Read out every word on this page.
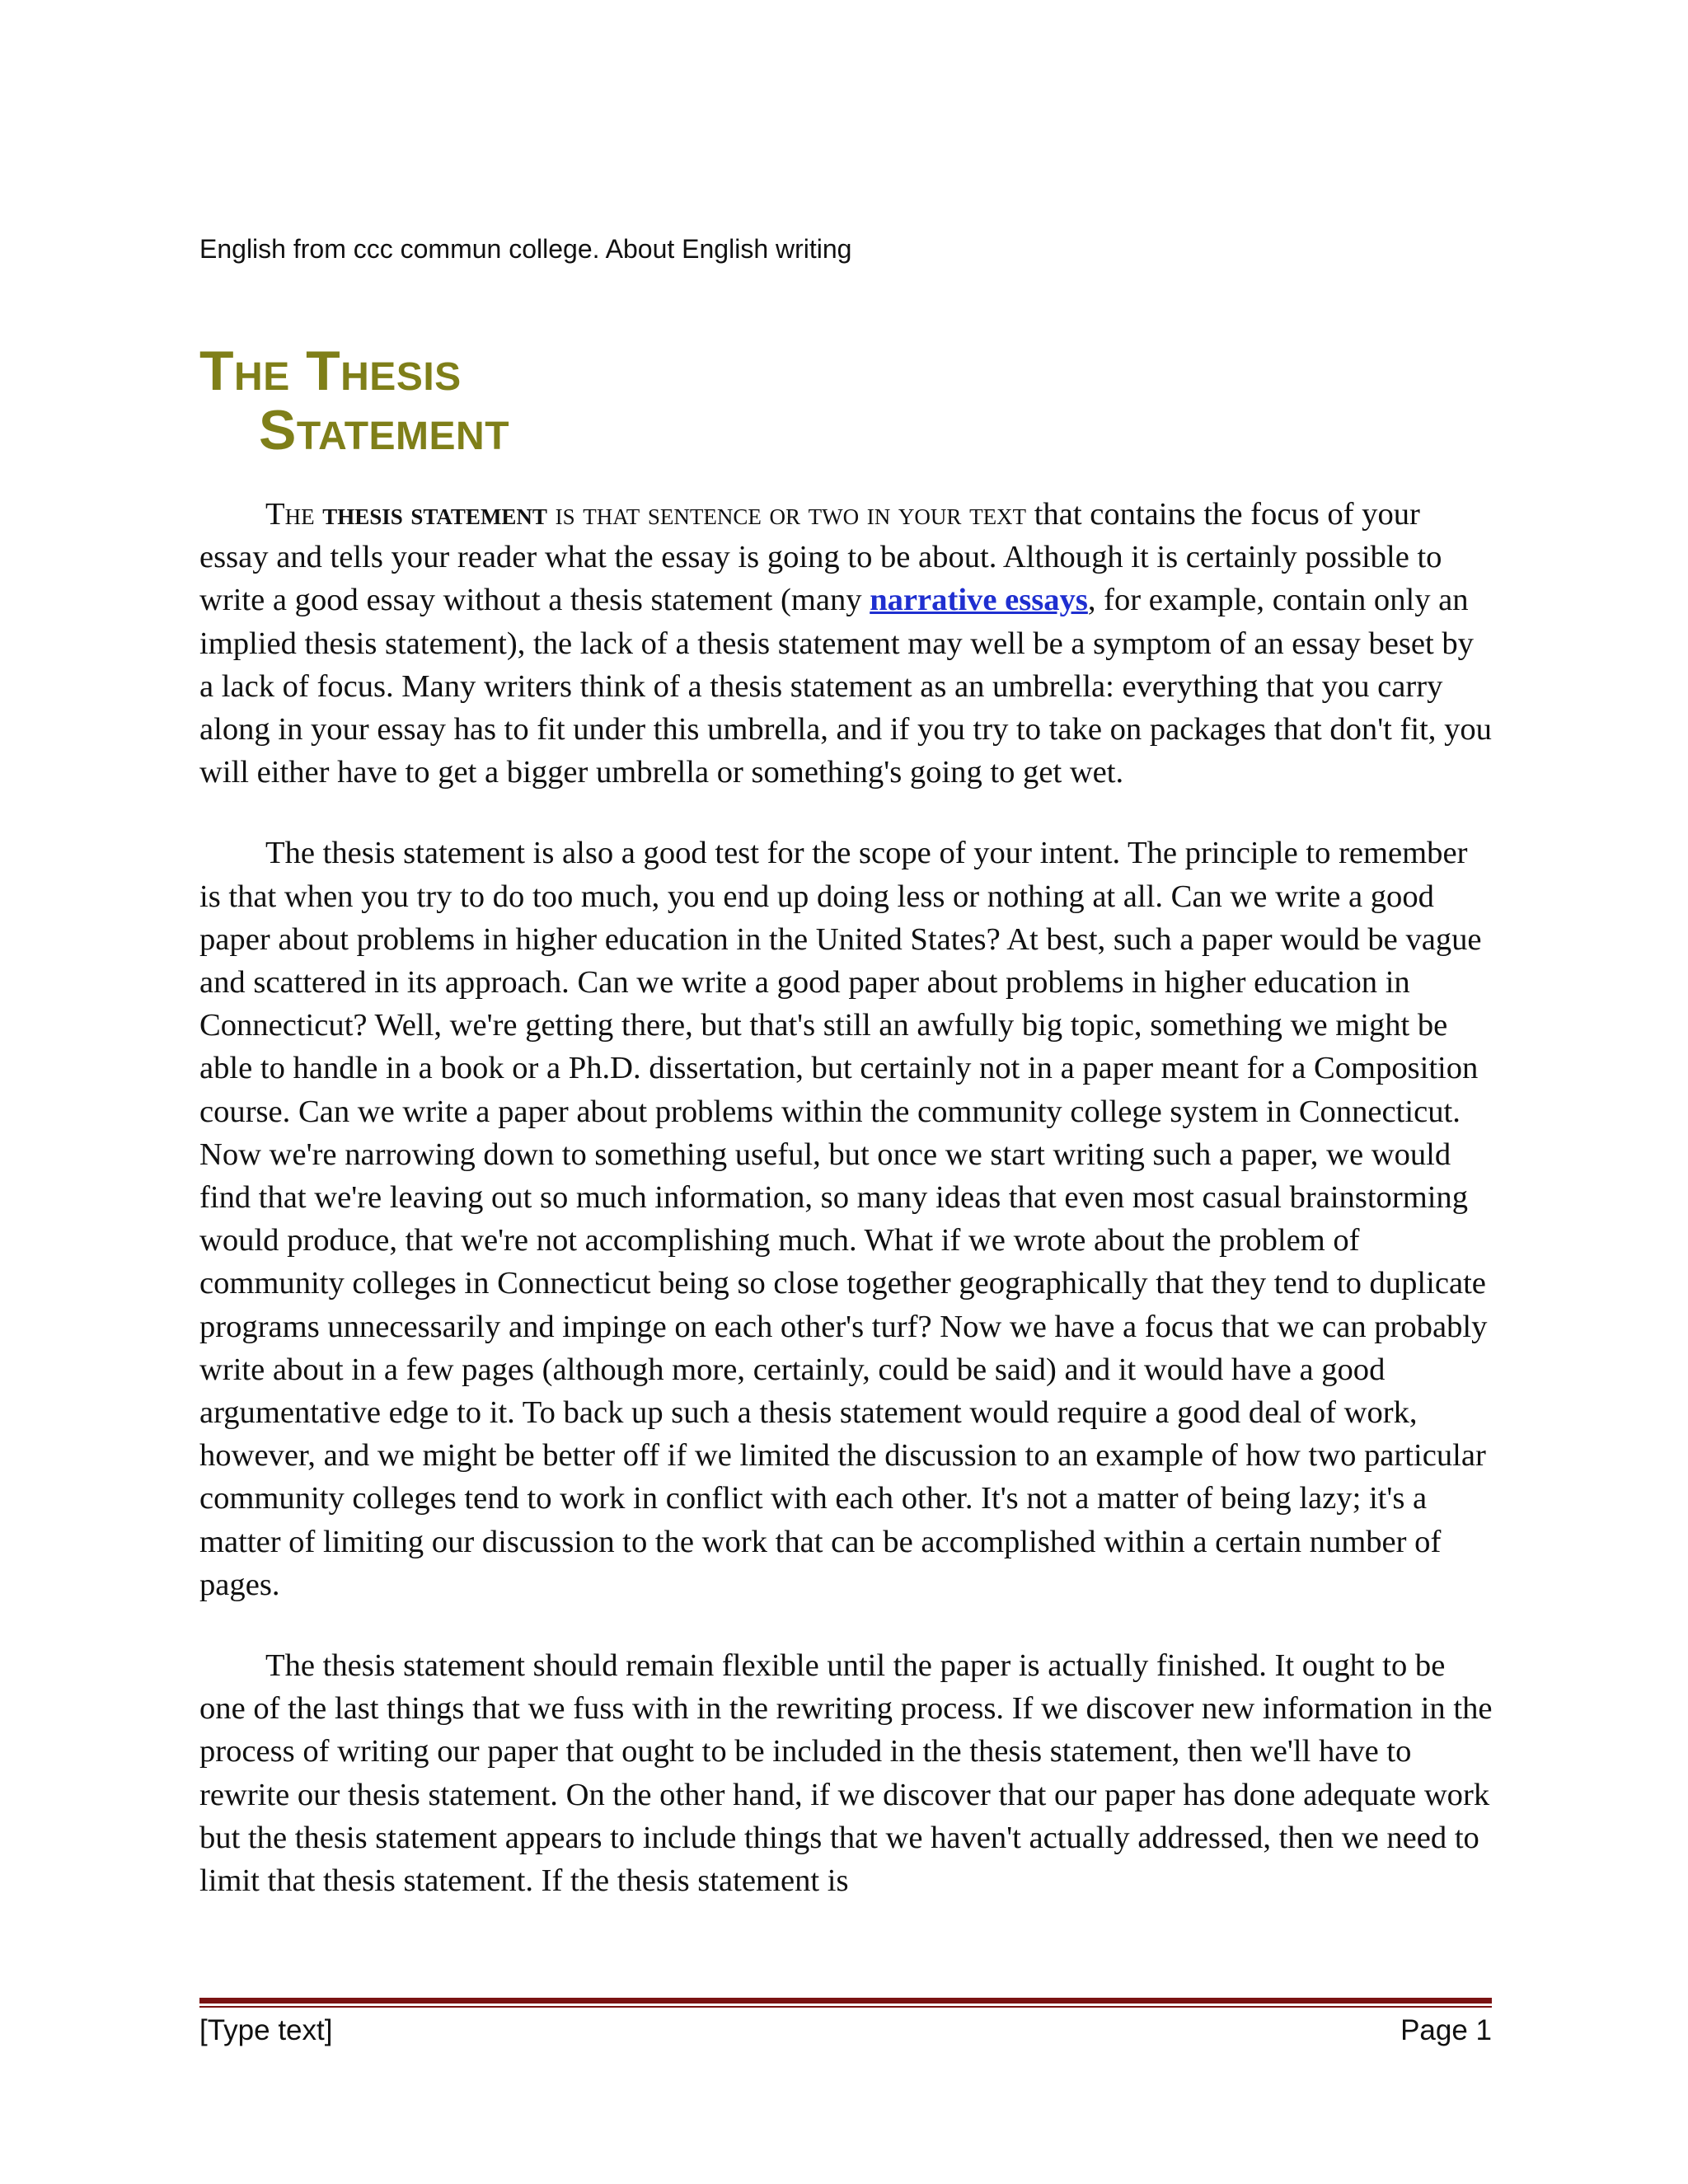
English from ccc commun college. About English writing
The Thesis
Statement

The thesis statement is that sentence or two in your text that contains the focus of your essay and tells your reader what the essay is going to be about. Although it is certainly possible to write a good essay without a thesis statement (many narrative essays, for example, contain only an implied thesis statement), the lack of a thesis statement may well be a symptom of an essay beset by a lack of focus. Many writers think of a thesis statement as an umbrella: everything that you carry along in your essay has to fit under this umbrella, and if you try to take on packages that don't fit, you will either have to get a bigger umbrella or something's going to get wet.

The thesis statement is also a good test for the scope of your intent. The principle to remember is that when you try to do too much, you end up doing less or nothing at all. Can we write a good paper about problems in higher education in the United States? At best, such a paper would be vague and scattered in its approach. Can we write a good paper about problems in higher education in Connecticut? Well, we're getting there, but that's still an awfully big topic, something we might be able to handle in a book or a Ph.D. dissertation, but certainly not in a paper meant for a Composition course. Can we write a paper about problems within the community college system in Connecticut. Now we're narrowing down to something useful, but once we start writing such a paper, we would find that we're leaving out so much information, so many ideas that even most casual brainstorming would produce, that we're not accomplishing much. What if we wrote about the problem of community colleges in Connecticut being so close together geographically that they tend to duplicate programs unnecessarily and impinge on each other's turf? Now we have a focus that we can probably write about in a few pages (although more, certainly, could be said) and it would have a good argumentative edge to it. To back up such a thesis statement would require a good deal of work, however, and we might be better off if we limited the discussion to an example of how two particular community colleges tend to work in conflict with each other. It's not a matter of being lazy; it's a matter of limiting our discussion to the work that can be accomplished within a certain number of pages.

The thesis statement should remain flexible until the paper is actually finished. It ought to be one of the last things that we fuss with in the rewriting process. If we discover new information in the process of writing our paper that ought to be included in the thesis statement, then we'll have to rewrite our thesis statement. On the other hand, if we discover that our paper has done adequate work but the thesis statement appears to include things that we haven't actually addressed, then we need to limit that thesis statement. If the thesis statement is

[Type text]	Page 1
